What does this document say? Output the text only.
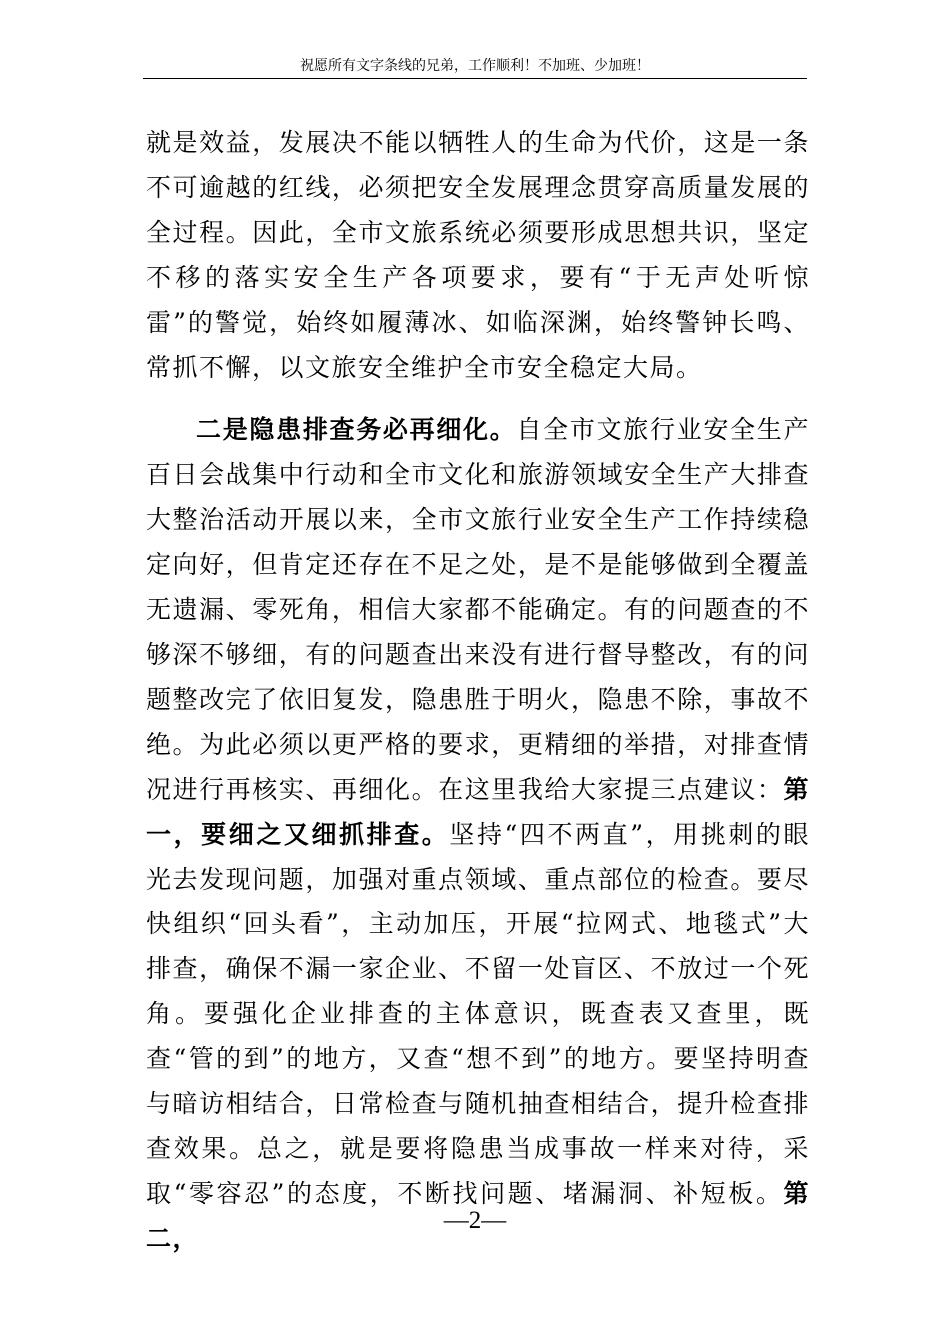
祝愿所有文字条线的兄弟，工作顺利！不加班、少加班！

就是效益，发展决不能以牺牲人的生命为代价，这是一条不可逾越的红线，必须把安全发展理念贯穿高质量发展的全过程。因此，全市文旅系统必须要形成思想共识，坚定不移的落实安全生产各项要求，要有“于无声处听惊雷”的警觉，始终如履薄冰、如临深渊，始终警钟长鸣、常抓不懈，以文旅安全维护全市安全稳定大局。

二是隐患排查务必再细化。自全市文旅行业安全生产百日会战集中行动和全市文化和旅游领域安全生产大排查大整治活动开展以来，全市文旅行业安全生产工作持续稳定向好，但肯定还存在不足之处，是不是能够做到全覆盖无遗漏、零死角，相信大家都不能确定。有的问题查的不够深不够细，有的问题查出来没有进行督导整改，有的问题整改完了依旧复发，隐患胜于明火，隐患不除，事故不绝。为此必须以更严格的要求，更精细的举措，对排查情况进行再核实、再细化。在这里我给大家提三点建议：第一，要细之又细抓排查。坚持“四不两直”，用挑刺的眼光去发现问题，加强对重点领域、重点部位的检查。要尽快组织“回头看”，主动加压，开展“拉网式、地毯式”大排查，确保不漏一家企业、不留一处盲区、不放过一个死角。要强化企业排查的主体意识，既查表又查里，既查“管的到”的地方，又查“想不到”的地方。要坚持明查与暗访相结合，日常检查与随机抽查相结合，提升检查排查效果。总之，就是要将隐患当成事故一样来对待，采取“零容忍”的态度，不断找问题、堵漏洞、补短板。第二，

—2—
